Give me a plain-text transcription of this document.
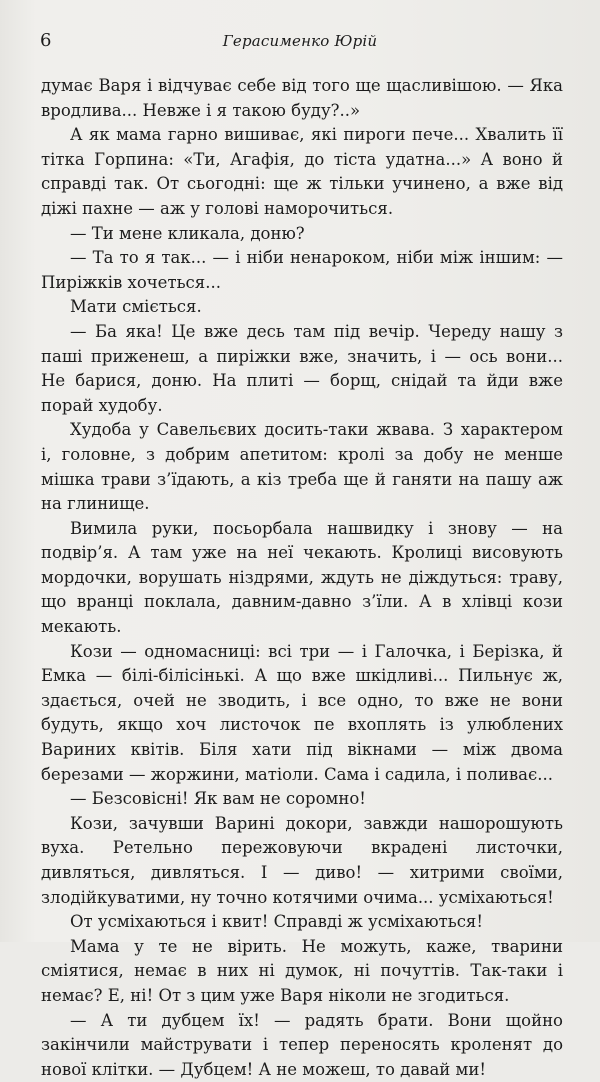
6	Герасименко Юрій

думає Варя і відчуває себе від того ще щасливішою. — Яка вродлива... Невже і я такою буду?..»

А як мама гарно вишиває, які пироги пече... Хвалить її тітка Горпина: «Ти, Агафія, до тіста удатна...» А воно й справді так. От сьогодні: ще ж тільки учинено, а вже від діжі пахне — аж у голові наморочиться.

— Ти мене кликала, доню?

— Та то я так... — і ніби ненароком, ніби між іншим: — Пиріжків хочеться...

Мати сміється.

— Ба яка! Це вже десь там під вечір. Череду нашу з паші приженеш, а пиріжки вже, значить, і — ось вони... Не барися, доню. На плиті — борщ, снідай та йди вже порай худобу.

Худоба у Савельєвих досить-таки жвава. З характером і, головне, з добрим апетитом: кролі за добу не менше мішка трави з’їдають, а кіз треба ще й ганяти на пашу аж на глинище.

Вимила руки, посьорбала нашвидку і знову — на подвір’я. А там уже на неї чекають. Кролиці висовують мордочки, ворушать ніздрями, ждуть не діждуться: траву, що вранці поклала, давним-давно з’їли. А в хлівці кози мекають.

Кози — одномасниці: всі три — і Галочка, і Берізка, й Емка — білі-білісінькі. А що вже шкідливі... Пильнує ж, здається, очей не зводить, і все одно, то вже не вони будуть, якщо хоч листочок пе вхоплять із улюблених Вариних квітів. Біля хати під вікнами — між двома березами — жоржини, матіоли. Сама і садила, і поливає...

— Безсовісні! Як вам не соромно!

Кози, зачувши Варині докори, завжди нашорошують вуха. Ретельно пережовуючи вкрадені листочки, дивляться, дивляться. І — диво! — хитрими своїми, злодійкуватими, ну точно котячими очима... усміхаються!

От усміхаються і квит! Справді ж усміхаються!

Мама у те не вірить. Не можуть, каже, тварини сміятися, немає в них ні думок, ні почуттів. Так-таки і немає? Е, ні! От з цим уже Варя ніколи не згодиться.

— А ти дубцем їх! — радять брати. Вони щойно закінчили майструвати і тепер переносять кроленят до нової клітки. — Дубцем! А не можеш, то давай ми!
